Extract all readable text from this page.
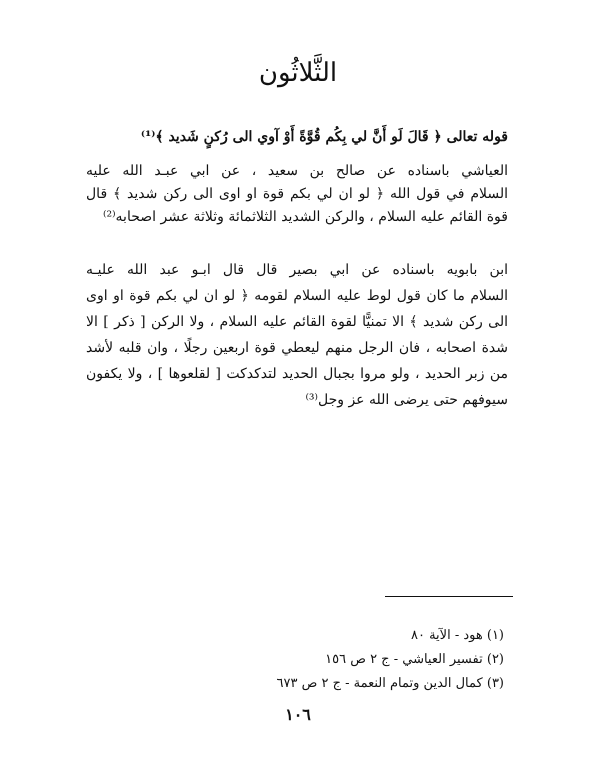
الثَّلاثُون
قوله تعالى ﴿ قَالَ لَو أَنَّ لي بِكُم قُوَّةً أَوْ آوي الى رُكنٍ شَديد ﴾⁽¹⁾
العياشي باسناده عن صالح بن سعيد ، عن ابي عبـد الله عليه
السلام في قول الله ﴿ لو ان لي بكم قوة او اوى الى ركن شديد ﴾ قال
قوة القائم عليه السلام ، والركن الشديد الثلاثمائة وثلاثة عشر اصحابه⁽²⁾
ابن بابويه باسناده عن ابي بصير قال قال ابـو عبد الله عليـه
السلام ما كان قول لوط عليه السلام لقومه ﴿ لو ان لي بكم قوة او اوى
الى ركن شديد ﴾ الا تمنيًّا لقوة القائم عليه السلام ، ولا الركن [ ذكر ] الا
شدة اصحابه ، فان الرجل منهم ليعطي قوة اربعين رجلًا ، وان قلبه لأشد
من زبر الحديد ، ولو مروا بجبال الحديد لتدكدكت [ لقلعوها ] ، ولا يكفون
سيوفهم حتى يرضى الله عز وجل⁽³⁾
(١) هود - الآية ٨٠
(٢) تفسير العياشي - ج ٢ ص ١٥٦
(٣) كمال الدين وتمام النعمة - ج ٢ ص ٦٧٣
١٠٦
